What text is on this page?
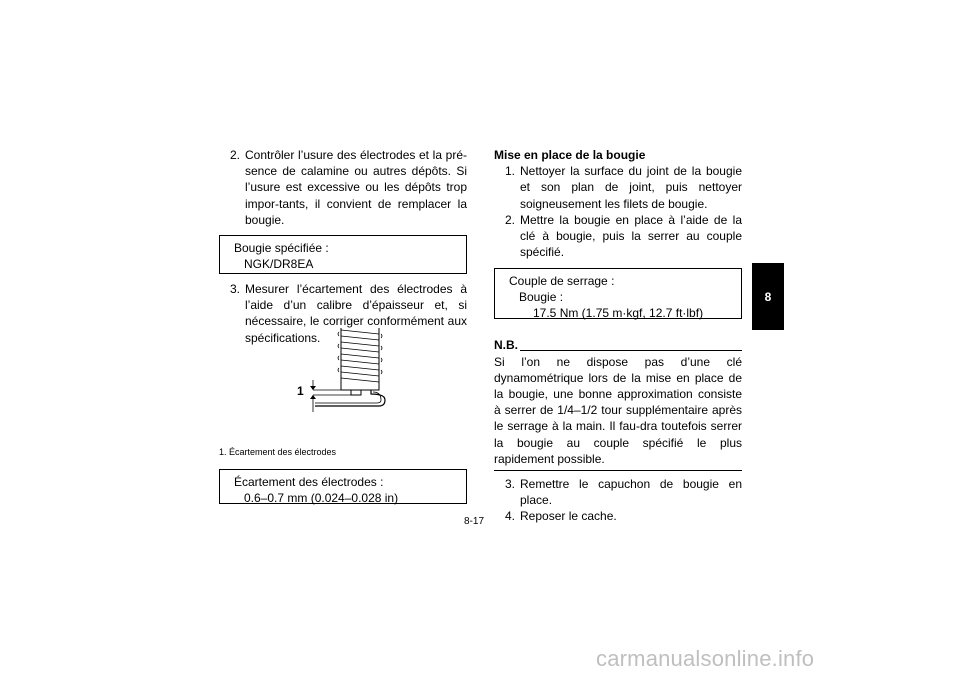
2. Contrôler l’usure des électrodes et la pré-sence de calamine ou autres dépôts. Si l’usure est excessive ou les dépôts trop impor-tants, il convient de remplacer la bougie.
Bougie spécifiée :
NGK/DR8EA
3. Mesurer l’écartement des électrodes à l’aide d’un calibre d’épaisseur et, si nécessaire, le corriger conformément aux spécifications.
1
1. Écartement des électrodes
Écartement des électrodes :
0.6–0.7 mm (0.024–0.028 in)
Mise en place de la bougie
1. Nettoyer la surface du joint de la bougie et son plan de joint, puis nettoyer soigneusement les filets de bougie.
2. Mettre la bougie en place à l’aide de la clé à bougie, puis la serrer au couple spécifié.
Couple de serrage :
Bougie :
17.5 Nm (1.75 m·kgf, 12.7 ft·lbf)
N.B.
Si l’on ne dispose pas d’une clé dynamométrique lors de la mise en place de la bougie, une bonne approximation consiste à serrer de 1/4–1/2 tour supplémentaire après le serrage à la main. Il fau-dra toutefois serrer la bougie au couple spécifié le plus rapidement possible.
3. Remettre le capuchon de bougie en place.
4. Reposer le cache.
8
8-17
carmanualsonline.info
